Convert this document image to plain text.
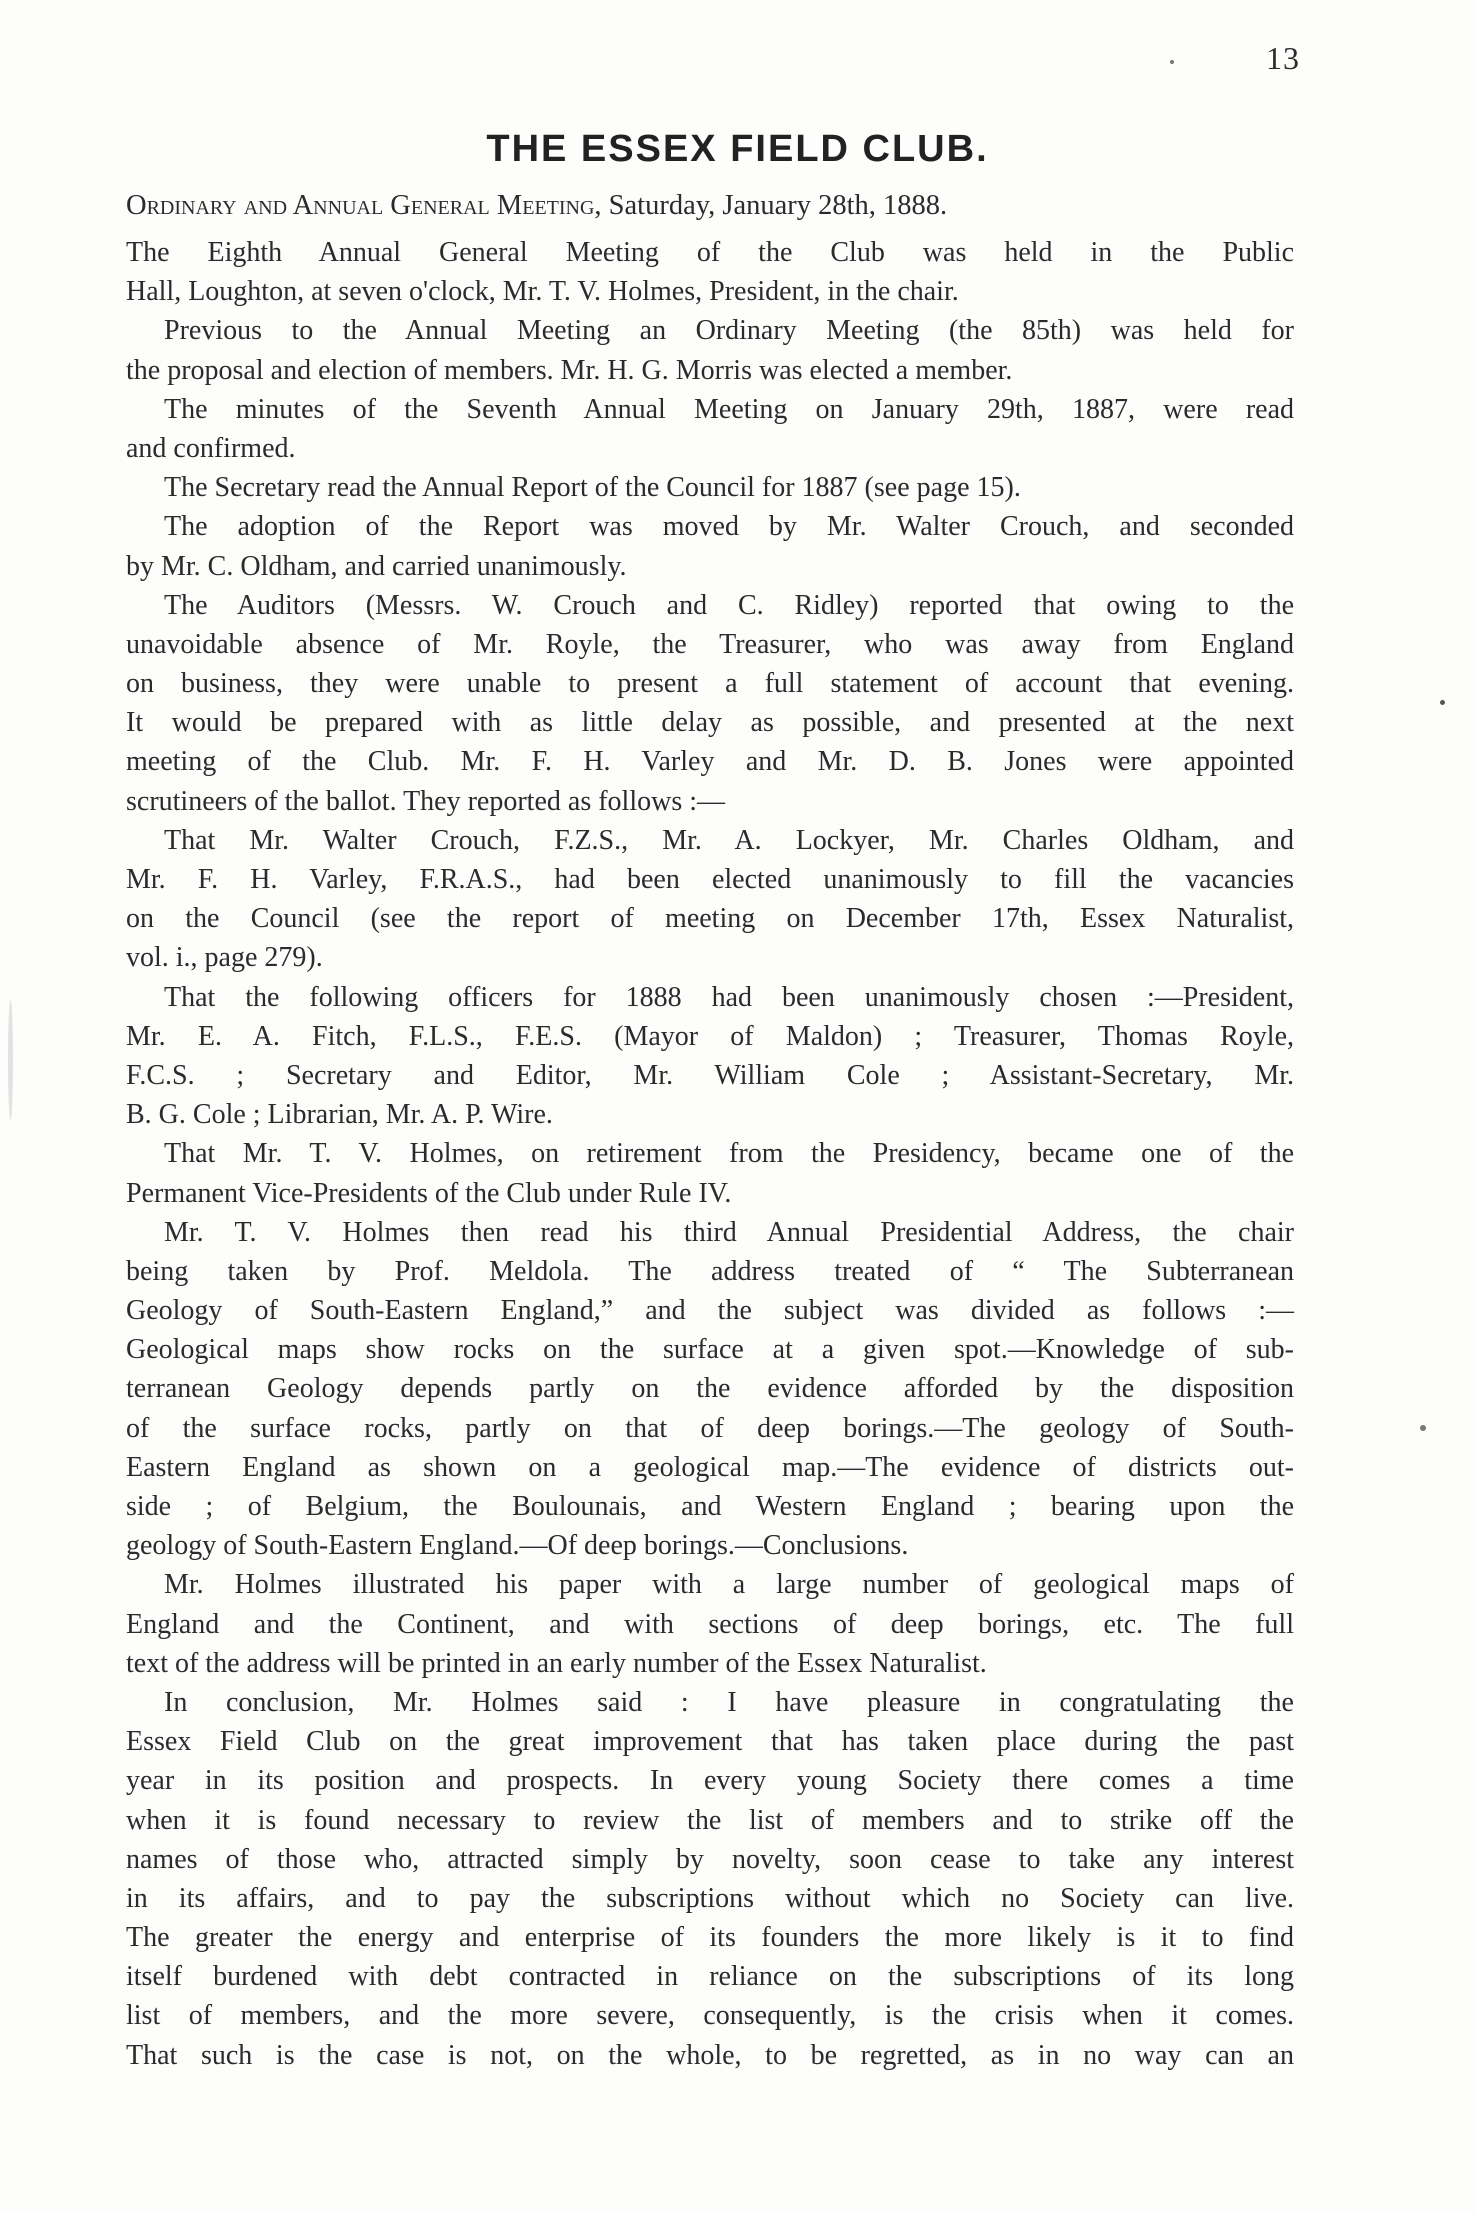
13
THE ESSEX FIELD CLUB.
Ordinary and Annual General Meeting, Saturday, January 28th, 1888.
The Eighth Annual General Meeting of the Club was held in the Public
Hall, Loughton, at seven o'clock, Mr. T. V. Holmes, President, in the chair.
Previous to the Annual Meeting an Ordinary Meeting (the 85th) was held for
the proposal and election of members. Mr. H. G. Morris was elected a member.
The minutes of the Seventh Annual Meeting on January 29th, 1887, were read
and confirmed.
The Secretary read the Annual Report of the Council for 1887 (see page 15).
The adoption of the Report was moved by Mr. Walter Crouch, and seconded
by Mr. C. Oldham, and carried unanimously.
The Auditors (Messrs. W. Crouch and C. Ridley) reported that owing to the
unavoidable absence of Mr. Royle, the Treasurer, who was away from England
on business, they were unable to present a full statement of account that evening.
It would be prepared with as little delay as possible, and presented at the next
meeting of the Club. Mr. F. H. Varley and Mr. D. B. Jones were appointed
scrutineers of the ballot. They reported as follows :—
That Mr. Walter Crouch, F.Z.S., Mr. A. Lockyer, Mr. Charles Oldham, and
Mr. F. H. Varley, F.R.A.S., had been elected unanimously to fill the vacancies
on the Council (see the report of meeting on December 17th, Essex Naturalist,
vol. i., page 279).
That the following officers for 1888 had been unanimously chosen :—President,
Mr. E. A. Fitch, F.L.S., F.E.S. (Mayor of Maldon) ; Treasurer, Thomas Royle,
F.C.S. ; Secretary and Editor, Mr. William Cole ; Assistant-Secretary, Mr.
B. G. Cole ; Librarian, Mr. A. P. Wire.
That Mr. T. V. Holmes, on retirement from the Presidency, became one of the
Permanent Vice-Presidents of the Club under Rule IV.
Mr. T. V. Holmes then read his third Annual Presidential Address, the chair
being taken by Prof. Meldola. The address treated of “ The Subterranean
Geology of South-Eastern England,” and the subject was divided as follows :—
Geological maps show rocks on the surface at a given spot.—Knowledge of sub-
terranean Geology depends partly on the evidence afforded by the disposition
of the surface rocks, partly on that of deep borings.—The geology of South-
Eastern England as shown on a geological map.—The evidence of districts out-
side ; of Belgium, the Boulounais, and Western England ; bearing upon the
geology of South-Eastern England.—Of deep borings.—Conclusions.
Mr. Holmes illustrated his paper with a large number of geological maps of
England and the Continent, and with sections of deep borings, etc. The full
text of the address will be printed in an early number of the Essex Naturalist.
In conclusion, Mr. Holmes said : I have pleasure in congratulating the
Essex Field Club on the great improvement that has taken place during the past
year in its position and prospects. In every young Society there comes a time
when it is found necessary to review the list of members and to strike off the
names of those who, attracted simply by novelty, soon cease to take any interest
in its affairs, and to pay the subscriptions without which no Society can live.
The greater the energy and enterprise of its founders the more likely is it to find
itself burdened with debt contracted in reliance on the subscriptions of its long
list of members, and the more severe, consequently, is the crisis when it comes.
That such is the case is not, on the whole, to be regretted, as in no way can an
